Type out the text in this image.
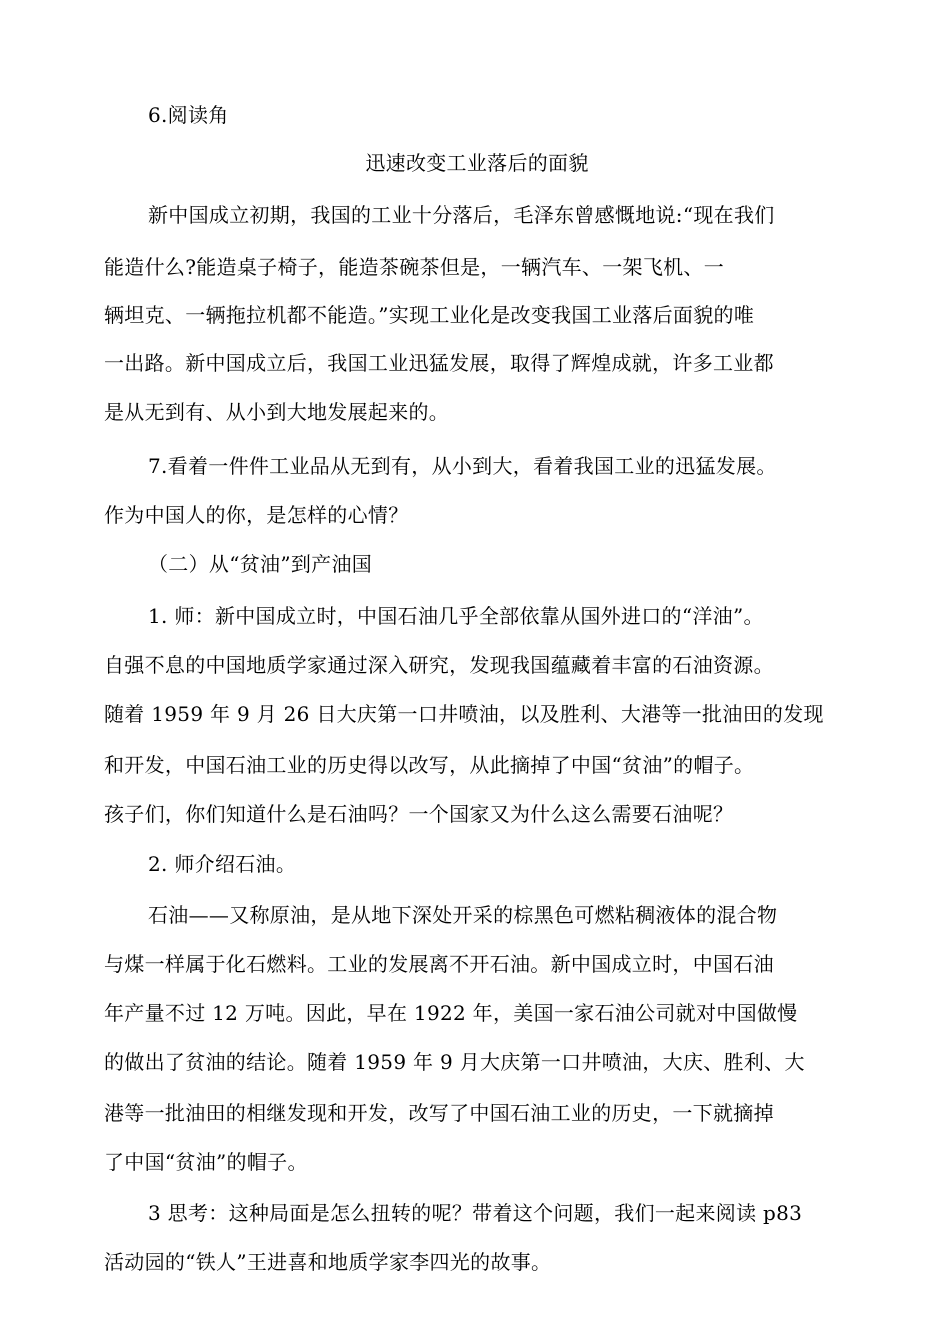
6.阅读角
迅速改变工业落后的面貌
新中国成立初期，我国的工业十分落后，毛泽东曾感慨地说:“现在我们
能造什么?能造桌子椅子，能造茶碗茶但是，一辆汽车、一架飞机、一
辆坦克、一辆拖拉机都不能造。”实现工业化是改变我国工业落后面貌的唯
一出路。新中国成立后，我国工业迅猛发展，取得了辉煌成就，许多工业都
是从无到有、从小到大地发展起来的。
7.看着一件件工业品从无到有，从小到大，看着我国工业的迅猛发展。
作为中国人的你，是怎样的心情？
（二）从“贫油”到产油国
1. 师：新中国成立时，中国石油几乎全部依靠从国外进口的“洋油”。
自强不息的中国地质学家通过深入研究，发现我国蕴藏着丰富的石油资源。
随着 1959 年 9 月 26 日大庆第一口井喷油，以及胜利、大港等一批油田的发现
和开发，中国石油工业的历史得以改写，从此摘掉了中国“贫油”的帽子。
孩子们，你们知道什么是石油吗？一个国家又为什么这么需要石油呢？
2. 师介绍石油。
石油——又称原油，是从地下深处开采的棕黑色可燃粘稠液体的混合物
与煤一样属于化石燃料。工业的发展离不开石油。新中国成立时，中国石油
年产量不过 12 万吨。因此，早在 1922 年，美国一家石油公司就对中国做慢
的做出了贫油的结论。随着 1959 年 9 月大庆第一口井喷油，大庆、胜利、大
港等一批油田的相继发现和开发，改写了中国石油工业的历史，一下就摘掉
了中国“贫油”的帽子。
3 思考：这种局面是怎么扭转的呢？带着这个问题，我们一起来阅读 p83
活动园的“铁人”王进喜和地质学家李四光的故事。
